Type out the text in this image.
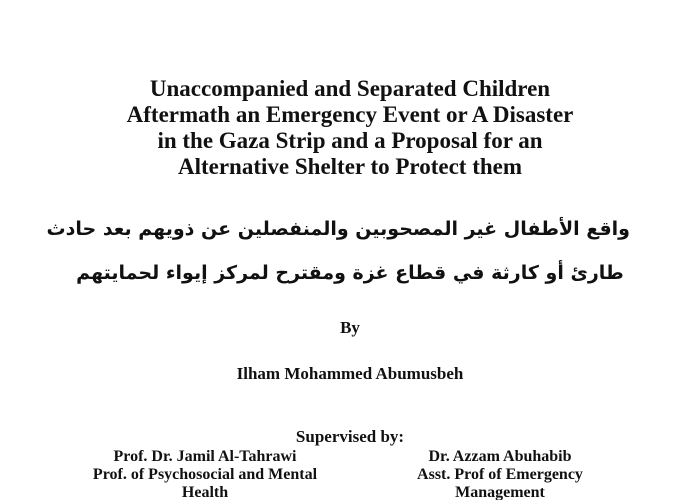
Unaccompanied and Separated Children
Aftermath an Emergency Event or A Disaster
in the Gaza Strip and a Proposal for an
Alternative Shelter to Protect them
واقع الأطفال غير المصحوبين والمنفصلين عن ذويهم بعد حادث
طارئ أو كارثة في قطاع غزة ومقترح لمركز إيواء لحمايتهم
By
Ilham Mohammed Abumusbeh
Supervised by:
Prof. Dr. Jamil Al-Tahrawi
Prof. of Psychosocial and Mental
Health
Dr. Azzam Abuhabib
Asst. Prof of Emergency
Management
